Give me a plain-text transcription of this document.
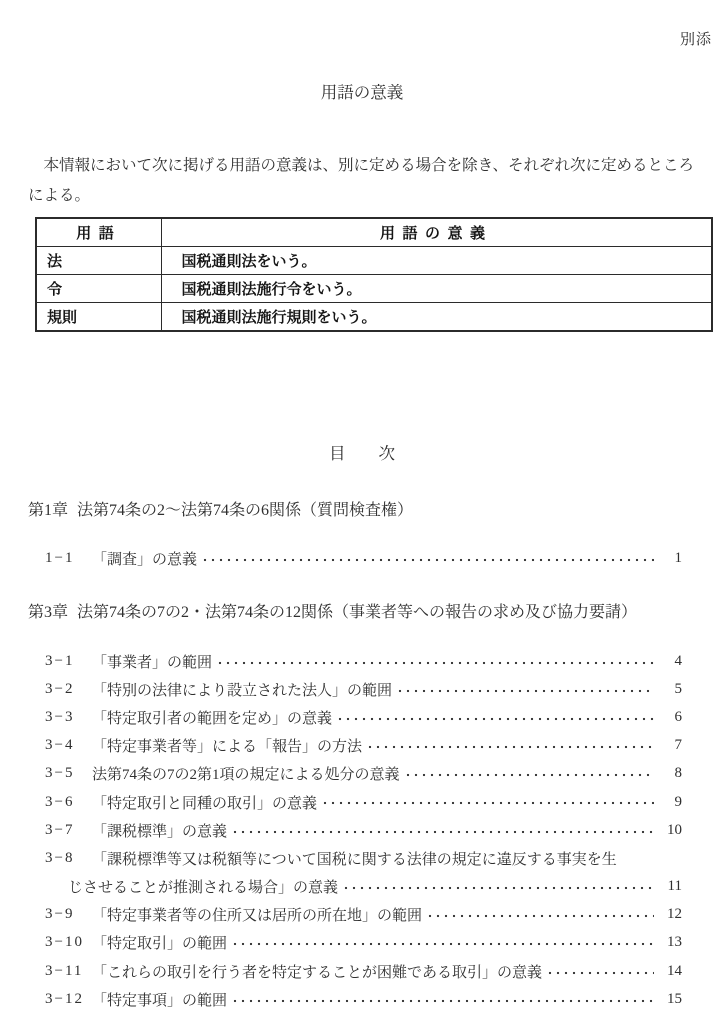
別添
用語の意義

本情報において次に掲げる用語の意義は、別に定める場合を除き、それぞれ次に定めるところによる。

用語	用語の意義
法	国税通則法をいう。
令	国税通則法施行令をいう。
規則	国税通則法施行規則をいう。
目　　次
第1章 法第74条の2～法第74条の6関係（質問検査権）
1−1	「調査」の意義	1
第3章 法第74条の7の2・法第74条の12関係（事業者等への報告の求め及び協力要請）
3−1	「事業者」の範囲	4
3−2	「特別の法律により設立された法人」の範囲	5
3−3	「特定取引者の範囲を定め」の意義	6
3−4	「特定事業者等」による「報告」の方法	7
3−5	法第74条の7の2第1項の規定による処分の意義	8
3−6	「特定取引と同種の取引」の意義	9
3−7	「課税標準」の意義	10
3−8	「課税標準等又は税額等について国税に関する法律の規定に違反する事実を生
じさせることが推測される場合」の意義	11
3−9	「特定事業者等の住所又は居所の所在地」の範囲	12
3−10 「特定取引」の範囲	13
3−11 「これらの取引を行う者を特定することが困難である取引」の意義	14
3−12 「特定事項」の範囲	15
